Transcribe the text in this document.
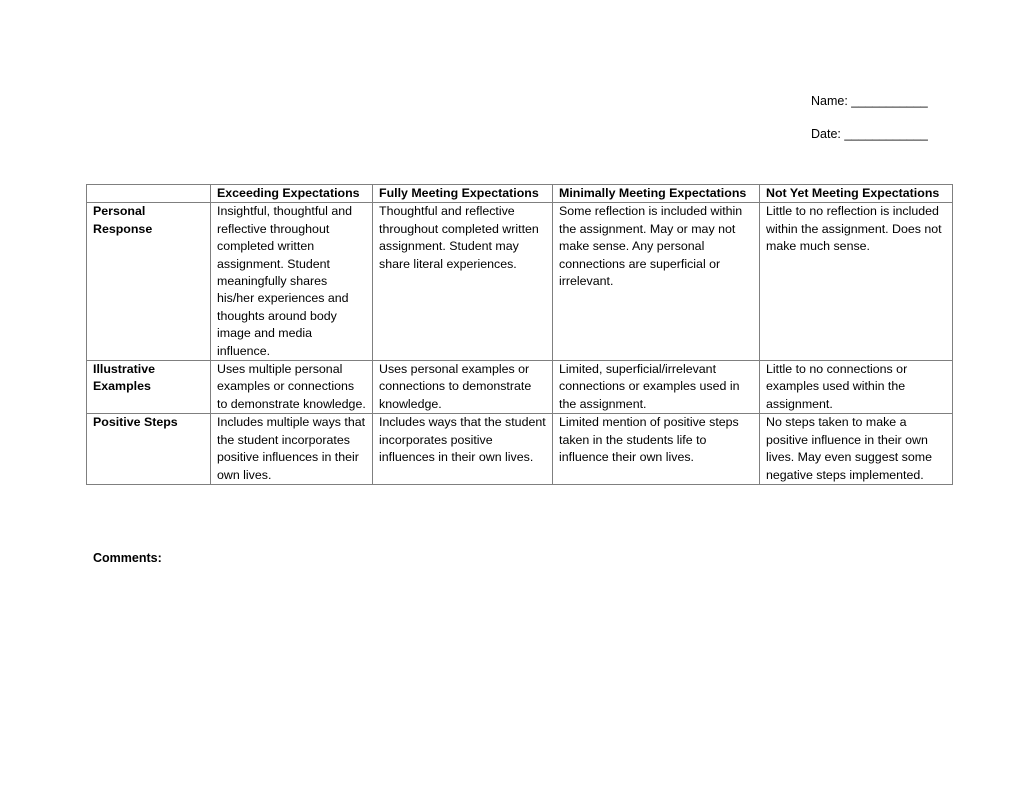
Name: ___________
Date: ____________
	Exceeding Expectations	Fully Meeting Expectations	Minimally Meeting Expectations	Not Yet Meeting Expectations
Personal Response	Insightful, thoughtful and reflective throughout completed written assignment. Student meaningfully shares his/her experiences and thoughts around body image and media influence.	Thoughtful and reflective throughout completed written assignment. Student may share literal experiences.	Some reflection is included within the assignment. May or may not make sense. Any personal connections are superficial or irrelevant.	Little to no reflection is included within the assignment. Does not make much sense.
Illustrative Examples	Uses multiple personal examples or connections to demonstrate knowledge.	Uses personal examples or connections to demonstrate knowledge.	Limited, superficial/irrelevant connections or examples used in the assignment.	Little to no connections or examples used within the assignment.
Positive Steps	Includes multiple ways that the student incorporates positive influences in their own lives.	Includes ways that the student incorporates positive influences in their own lives.	Limited mention of positive steps taken in the students life to influence their own lives.	No steps taken to make a positive influence in their own lives. May even suggest some negative steps implemented.
Comments:
